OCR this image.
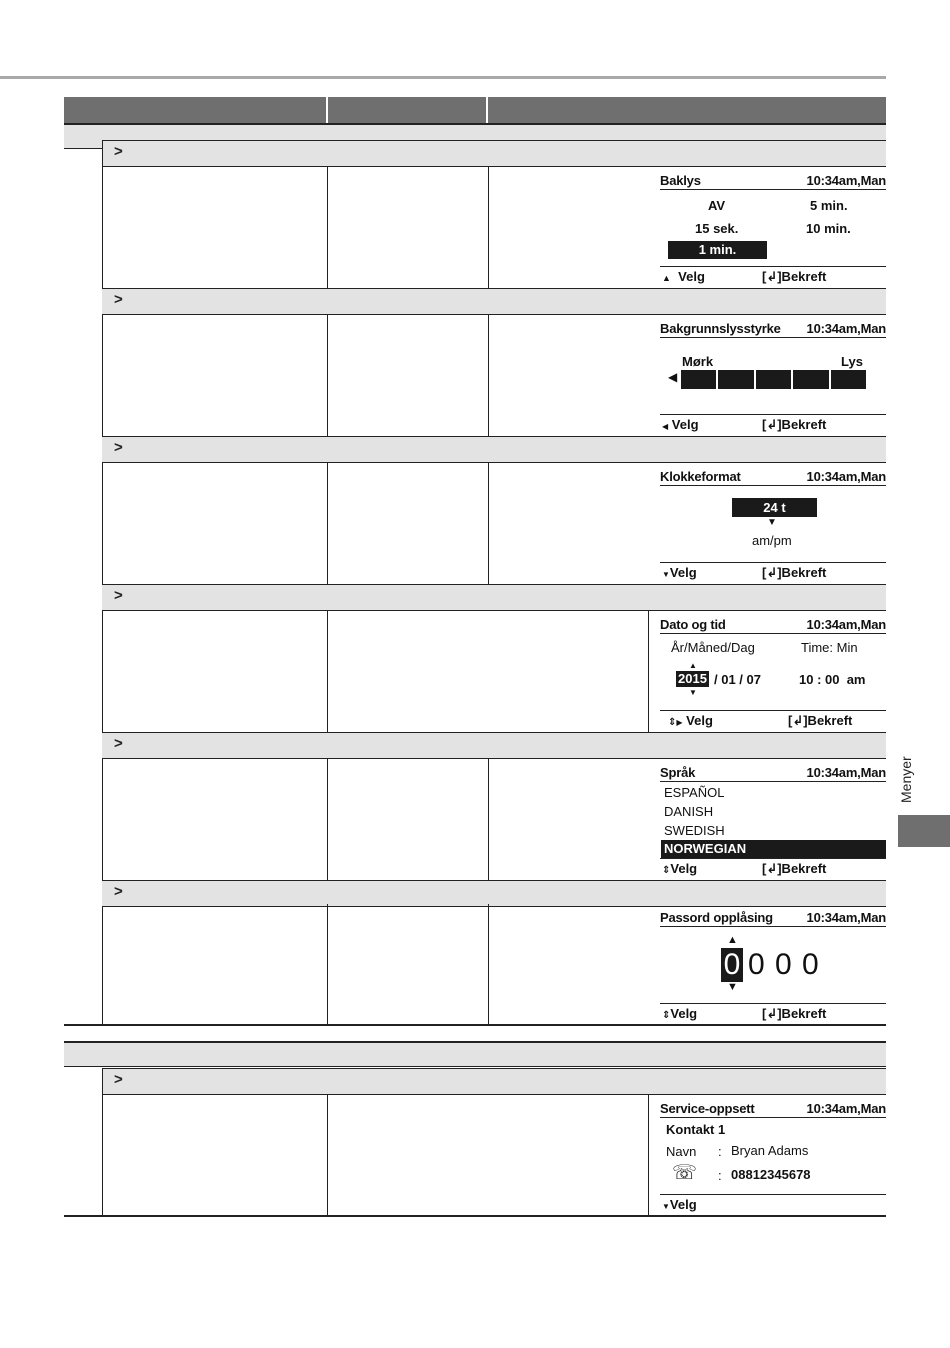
>
>
>
>
>
>
>
Baklys	10:34am,Man
AV	5 min.
15 sek.	10 min.
1 min.
▲ Velg	[↲]Bekreft
Bakgrunnslysstyrke 10:34am,Man
Mørk	Lys
◀
◀ Velg	[↲]Bekreft
Klokkeformat	10:34am,Man
24 t
▼
am/pm
▼Velg	[↲]Bekreft
Dato og tid	10:34am,Man
År/Måned/Dag	Time: Min
▲
2015 / 01 / 07	10 : 00  am
▼
⇕▶ Velg	[↲]Bekreft
Språk	10:34am,Man
ESPAÑOL
DANISH
SWEDISH
NORWEGIAN
⇕Velg	[↲]Bekreft
Passord opplåsing	10:34am,Man
▲
0 0 0 0
▼
⇕Velg	[↲]Bekreft
Service-oppsett	10:34am,Man
Kontakt 1
Navn : Bryan Adams
☏ : 08812345678
▼Velg
Menyer
